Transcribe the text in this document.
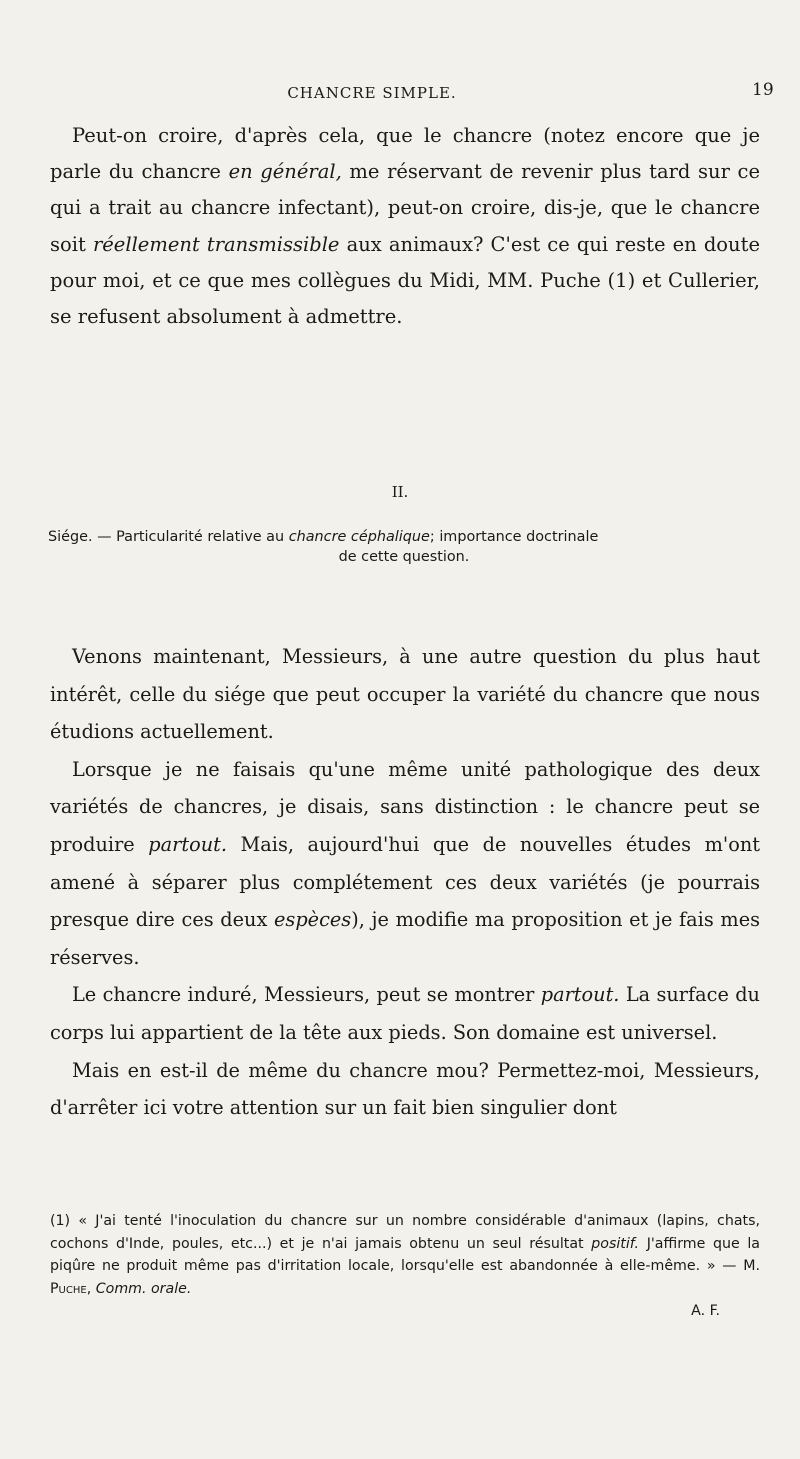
CHANCRE SIMPLE.	19

Peut-on croire, d'après cela, que le chancre (notez encore que je parle du chancre en général, me réservant de revenir plus tard sur ce qui a trait au chancre infectant), peut-on croire, dis-je, que le chancre soit réellement transmissible aux animaux? C'est ce qui reste en doute pour moi, et ce que mes collègues du Midi, MM. Puche (1) et Cullerier, se refusent absolument à admettre.

II.

Siége. — Particularité relative au chancre céphalique; importance doctrinale

de cette question.

Venons maintenant, Messieurs, à une autre question du plus haut intérêt, celle du siége que peut occuper la variété du chancre que nous étudions actuellement.

Lorsque je ne faisais qu'une même unité pathologique des deux variétés de chancres, je disais, sans distinction : le chancre peut se produire partout. Mais, aujourd'hui que de nouvelles études m'ont amené à séparer plus complétement ces deux variétés (je pourrais presque dire ces deux espèces), je modifie ma proposition et je fais mes réserves.

Le chancre induré, Messieurs, peut se montrer partout. La surface du corps lui appartient de la tête aux pieds. Son domaine est universel.

Mais en est-il de même du chancre mou? Permettez-moi, Messieurs, d'arrêter ici votre attention sur un fait bien singulier dont

(1) « J'ai tenté l'inoculation du chancre sur un nombre considérable d'animaux (lapins, chats, cochons d'Inde, poules, etc...) et je n'ai jamais obtenu un seul résultat positif. J'affirme que la piqûre ne produit même pas d'irritation locale, lorsqu'elle est abandonnée à elle-même. » — M. Puche, Comm. orale.

A. F.
